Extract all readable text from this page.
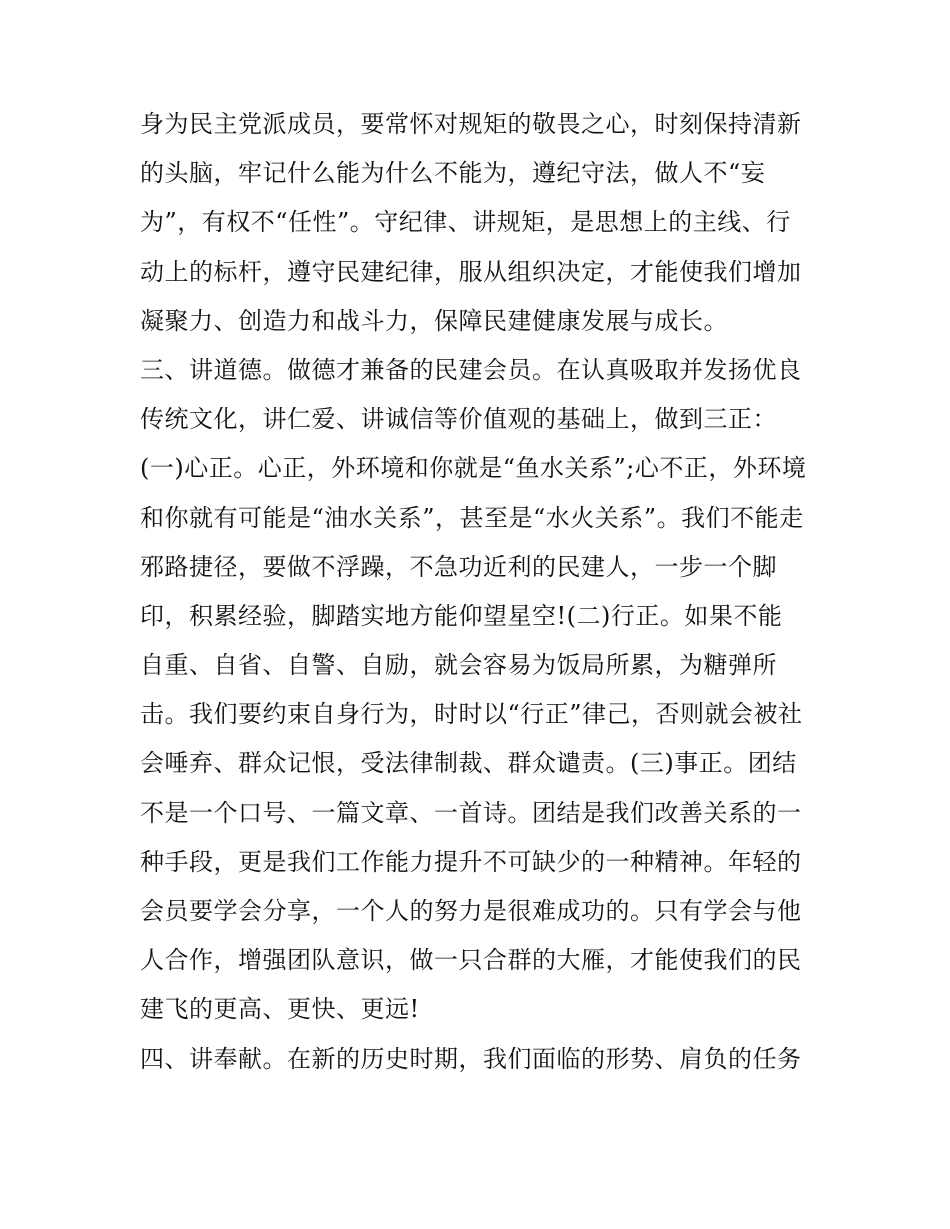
身为民主党派成员，要常怀对规矩的敬畏之心，时刻保持清新
的头脑，牢记什么能为什么不能为，遵纪守法，做人不“妄
为”，有权不“任性”。守纪律、讲规矩，是思想上的主线、行
动上的标杆，遵守民建纪律，服从组织决定，才能使我们增加
凝聚力、创造力和战斗力，保障民建健康发展与成长。
三、讲道德。做德才兼备的民建会员。在认真吸取并发扬优良
传统文化，讲仁爱、讲诚信等价值观的基础上，做到三正：
(一)心正。心正，外环境和你就是“鱼水关系”;心不正，外环境
和你就有可能是“油水关系”，甚至是“水火关系”。我们不能走
邪路捷径，要做不浮躁，不急功近利的民建人，一步一个脚
印，积累经验，脚踏实地方能仰望星空!(二)行正。如果不能
自重、自省、自警、自励，就会容易为饭局所累，为糖弹所
击。我们要约束自身行为，时时以“行正”律己，否则就会被社
会唾弃、群众记恨，受法律制裁、群众谴责。(三)事正。团结
不是一个口号、一篇文章、一首诗。团结是我们改善关系的一
种手段，更是我们工作能力提升不可缺少的一种精神。年轻的
会员要学会分享，一个人的努力是很难成功的。只有学会与他
人合作，增强团队意识，做一只合群的大雁，才能使我们的民
建飞的更高、更快、更远!
四、讲奉献。在新的历史时期，我们面临的形势、肩负的任务
